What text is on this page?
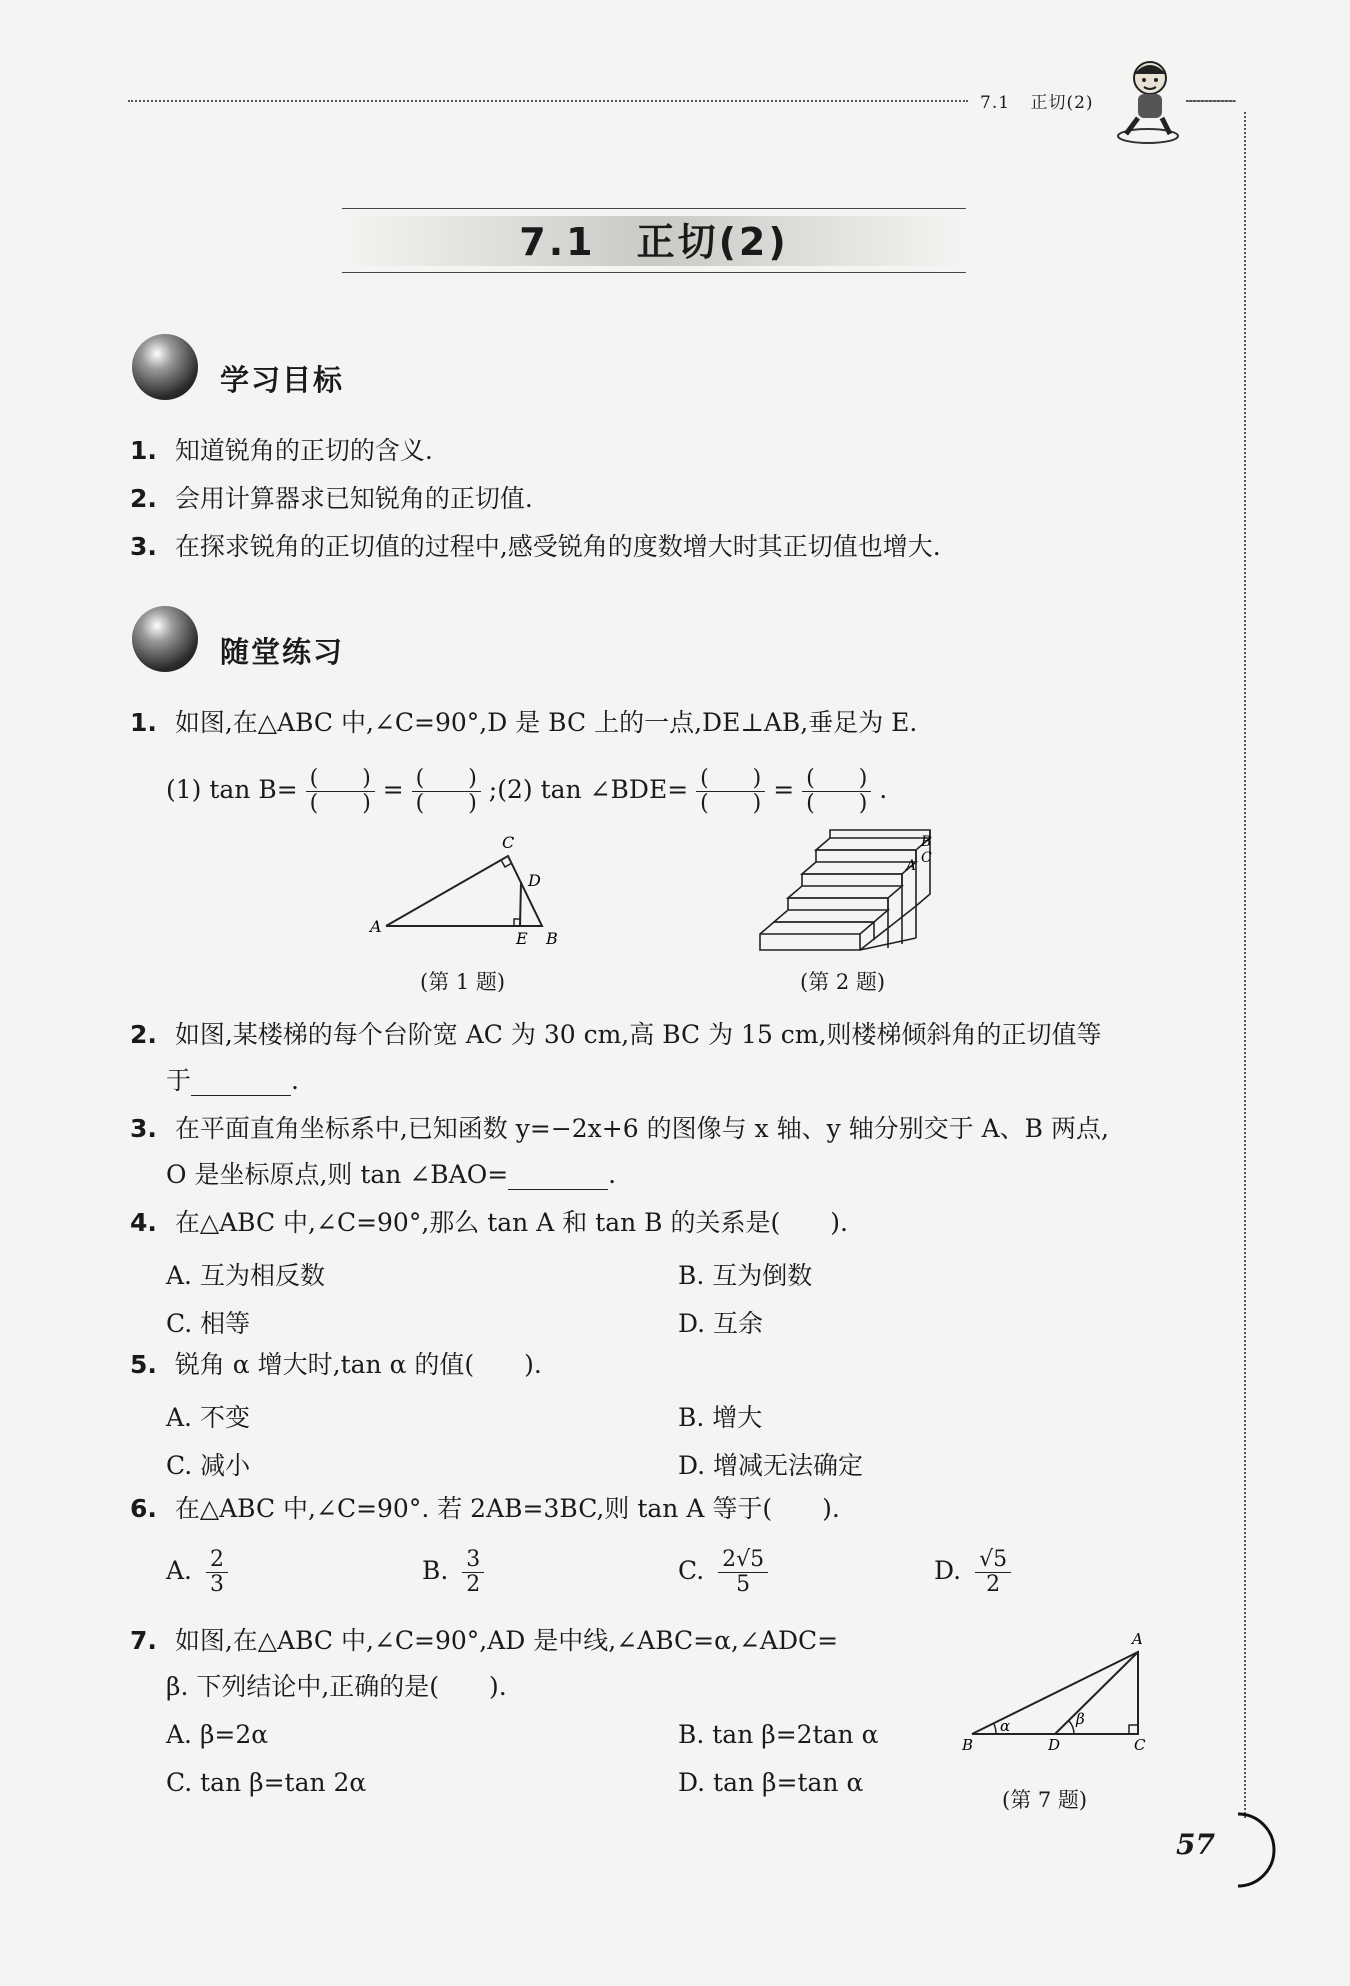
7.1 正切(2)
7.1　正切(2)
学习目标
1. 知道锐角的正切的含义.
2. 会用计算器求已知锐角的正切值.
3. 在探求锐角的正切值的过程中,感受锐角的度数增大时其正切值也增大.
随堂练习
1. 如图,在△ABC 中,∠C=90°,D 是 BC 上的一点,DE⊥AB,垂足为 E.
(1) $\tan B= \frac{( )}{( )} = \frac{( )}{( )}$ ;(2) tan ∠BDE= $\frac{( )}{( )} = \frac{( )}{( )}$ .
A
C
D
E B
(第 1 题)
B
A C
(第 2 题)
2. 如图,某楼梯的每个台阶宽 AC 为 30 cm,高 BC 为 15 cm,则楼梯倾斜角的正切值等
于	.
3. 在平面直角坐标系中,已知函数 y=−2x+6 的图像与 x 轴、y 轴分别交于 A、B 两点,
O 是坐标原点,则 tan ∠BAO=	.
4. 在△ABC 中,∠C=90°,那么 tan A 和 tan B 的关系是(　　).
A. 互为相反数	B. 互为倒数
C. 相等	D. 互余
5. 锐角 α 增大时,tan α 的值(　　).
A. 不变	B. 增大
C. 减小	D. 增减无法确定
6. 在△ABC 中,∠C=90°. 若 2AB=3BC,则 tan A 等于(　　).
A. $\frac{2}{3}$	B. $\frac{3}{2}$	C. $\frac{2√5}{5}$	D. $\frac{√5}{2}$
7. 如图,在△ABC 中,∠C=90°,AD 是中线,∠ABC=α,∠ADC=
β. 下列结论中,正确的是(　　).
A. β=2α	B. tan β=2tan α
C. tan β=tan 2α	D. tan β=tan α
A
B	D	C
α	β
(第 7 题)
57
